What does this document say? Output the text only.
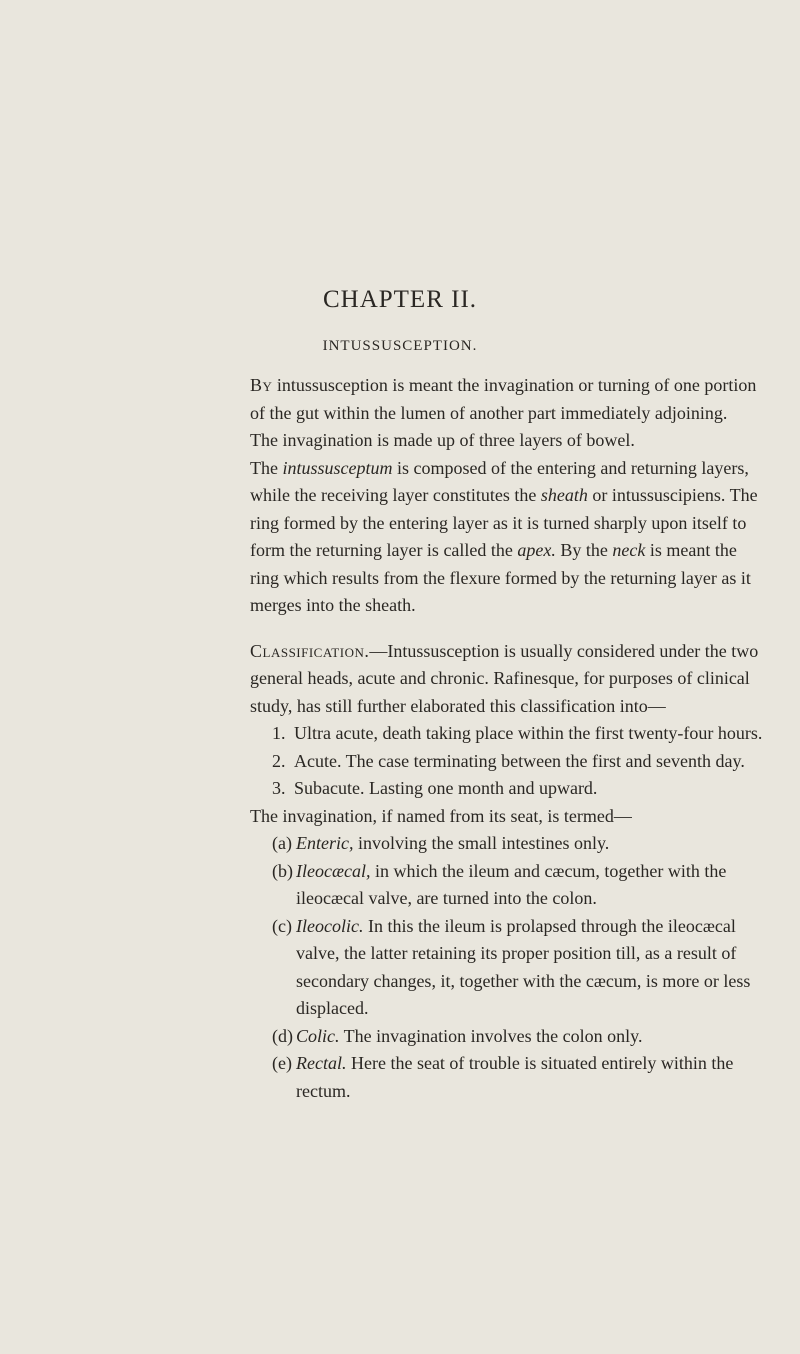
CHAPTER II.
INTUSSUSCEPTION.

By intussusception is meant the invagination or turning of one portion of the gut within the lumen of another part immediately adjoining.

The invagination is made up of three layers of bowel.

The intussusceptum is composed of the entering and returning layers, while the receiving layer constitutes the sheath or intussuscipiens. The ring formed by the entering layer as it is turned sharply upon itself to form the returning layer is called the apex. By the neck is meant the ring which results from the flexure formed by the returning layer as it merges into the sheath.

Classification.—Intussusception is usually considered under the two general heads, acute and chronic. Rafinesque, for purposes of clinical study, has still further elaborated this classification into—

1. Ultra acute, death taking place within the first twenty-four hours.

2. Acute. The case terminating between the first and seventh day.

3. Subacute. Lasting one month and upward.

The invagination, if named from its seat, is termed—

(a) Enteric, involving the small intestines only.

(b) Ileocæcal, in which the ileum and cæcum, together with the ileocæcal valve, are turned into the colon.

(c) Ileocolic. In this the ileum is prolapsed through the ileocæcal valve, the latter retaining its proper position till, as a result of secondary changes, it, together with the cæcum, is more or less displaced.

(d) Colic. The invagination involves the colon only.

(e) Rectal. Here the seat of trouble is situated entirely within the rectum.
